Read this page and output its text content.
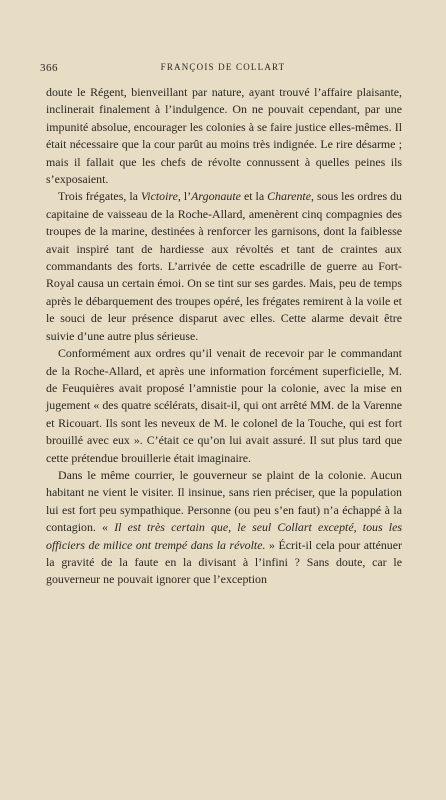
366	FRANÇOIS DE COLLART

doute le Régent, bienveillant par nature, ayant trouvé l’affaire plaisante, inclinerait finalement à l’indulgence. On ne pouvait cependant, par une impunité absolue, encourager les colonies à se faire justice elles-mêmes. Il était nécessaire que la cour parût au moins très indignée. Le rire désarme ; mais il fallait que les chefs de révolte connussent à quelles peines ils s’exposaient.

Trois frégates, la Victoire, l’Argonaute et la Charente, sous les ordres du capitaine de vaisseau de la Roche-Allard, amenèrent cinq compagnies des troupes de la marine, destinées à renforcer les garnisons, dont la faiblesse avait inspiré tant de hardiesse aux révoltés et tant de craintes aux commandants des forts. L’arrivée de cette escadrille de guerre au Fort-Royal causa un certain émoi. On se tint sur ses gardes. Mais, peu de temps après le débarquement des troupes opéré, les frégates remirent à la voile et le souci de leur présence disparut avec elles. Cette alarme devait être suivie d’une autre plus sérieuse.

Conformément aux ordres qu’il venait de recevoir par le commandant de la Roche-Allard, et après une information forcément superficielle, M. de Feuquières avait proposé l’amnistie pour la colonie, avec la mise en jugement « des quatre scélérats, disait-il, qui ont arrêté MM. de la Varenne et Ricouart. Ils sont les neveux de M. le colonel de la Touche, qui est fort brouillé avec eux ». C’était ce qu’on lui avait assuré. Il sut plus tard que cette prétendue brouillerie était imaginaire.

Dans le même courrier, le gouverneur se plaint de la colonie. Aucun habitant ne vient le visiter. Il insinue, sans rien préciser, que la population lui est fort peu sympathique. Personne (ou peu s’en faut) n’a échappé à la contagion. « Il est très certain que, le seul Collart excepté, tous les officiers de milice ont trempé dans la révolte. » Écrit-il cela pour atténuer la gravité de la faute en la divisant à l’infini ? Sans doute, car le gouverneur ne pouvait ignorer que l’exception
